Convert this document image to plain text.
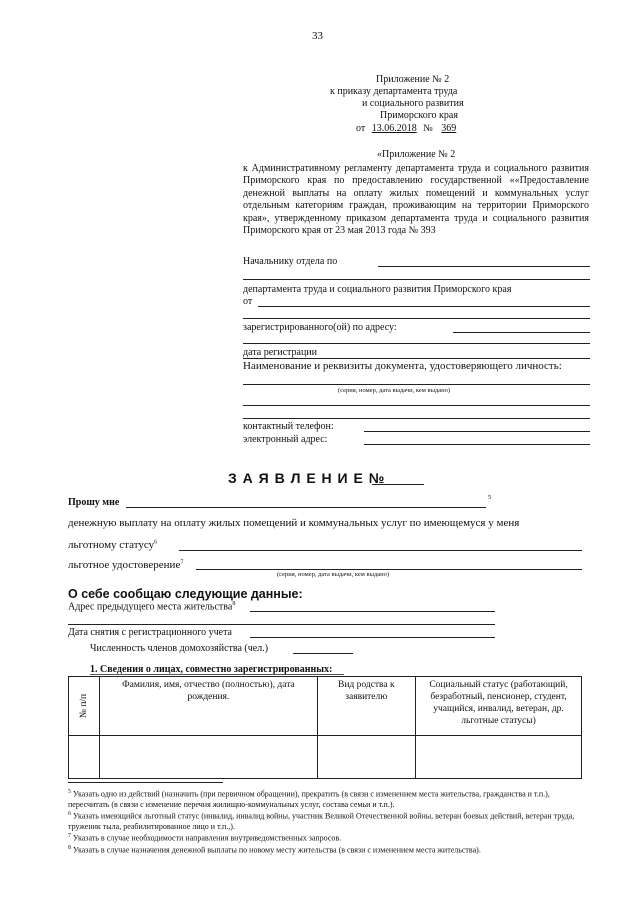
33
Приложение № 2
к приказу департамента труда
и социального развития
Приморского края
от 13.06.2018 № 369
«Приложение № 2
к Административному регламенту департамента труда и социального развития Приморского края по предоставлению государственной ««Предоставление денежной выплаты на оплату жилых помещений и коммунальных услуг отдельным категориям граждан, проживающим на территории Приморского края», утвержденному приказом департамента труда и социального развития Приморского края от 23 мая 2013 года № 393
Начальнику отдела по
департамента труда и социального развития Приморского края
от
зарегистрированного(ой) по адресу:
дата регистрации
Наименование и реквизиты документа, удостоверяющего личность:
(серия, номер, дата выдачи, кем выдано)
контактный телефон:
электронный адрес:
З А Я В Л Е Н И Е №
Прошу мне	5
денежную выплату на оплату жилых помещений и коммунальных услуг по имеющемуся у меня
льготному статусу$^6$
льготное удостоверение$^7$
(серия, номер, дата выдачи, кем выдано)
О себе сообщаю следующие данные:
Адрес предыдущего места жительства$^8$
Дата снятия с регистрационного учета
Численность членов домохозяйства (чел.)
1. Сведения о лицах, совместно зарегистрированных:
№ п/п	Фамилия, имя, отчество (полностью), дата рождения.	Вид родства к заявителю	Социальный статус (работающий, безработный, пенсионер, студент, учащийся, инвалид, ветеран, др. льготные статусы)

$^5$ Указать одно из действий (назначить (при первичном обращении), прекратить (в связи с изменением места жительства, гражданства и т.п.), пересчитать (в связи с изменение перечня жилищно-коммунальных услуг, состава семьи и т.п.).
$^6$ Указать имеющийся льготный статус (инвалид, инвалид войны, участник Великой Отечественной войны, ветеран боевых действий, ветеран труда, труженик тыла, реабилитированное лицо и т.п.,).
$^7$ Указать в случае необходимости направления внутриведомственных запросов.
$^8$ Указать в случае назначения денежной выплаты по новому месту жительства (в связи с изменением места жительства).
